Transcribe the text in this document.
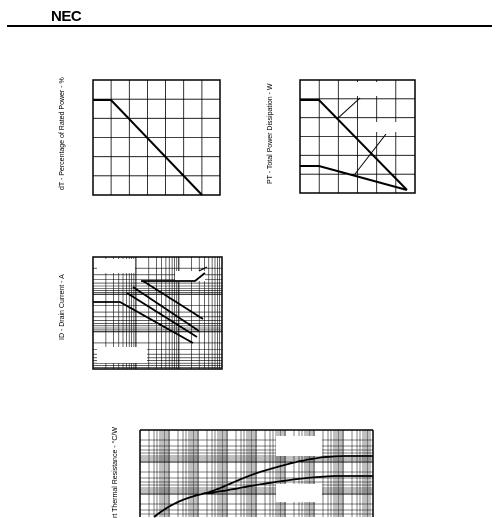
NEC
dT - Percentage of Rated Power - %	PT - Total Power Dissipation - W
ID - Drain Current - A
rt Thermal Resistance - °C/W
